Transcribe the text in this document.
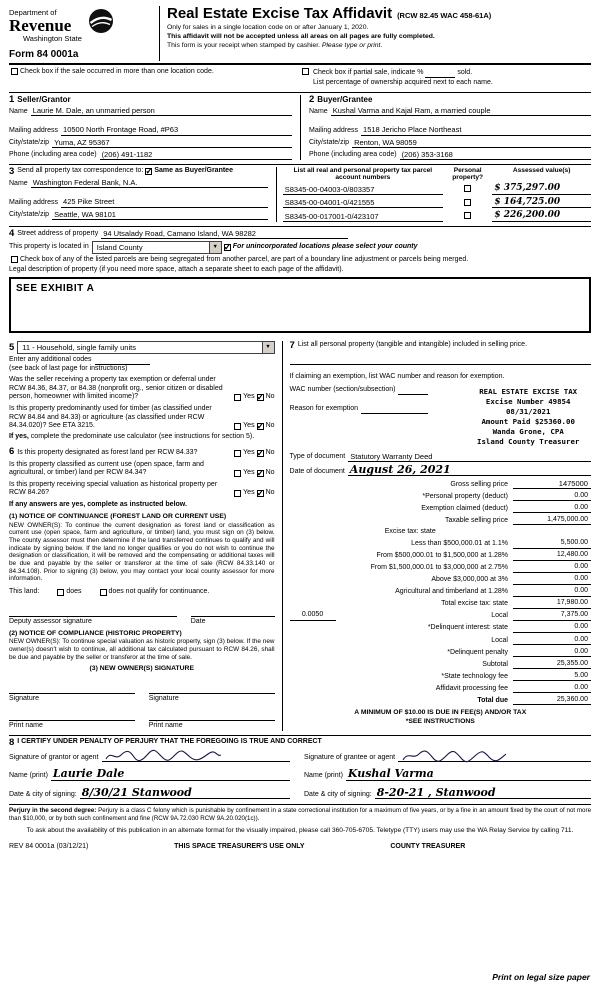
Department of
Revenue
Washington State
Form 84 0001a
Real Estate Excise Tax Affidavit (RCW 82.45 WAC 458-61A)
Only for sales in a single location code on or after January 1, 2020.
This affidavit will not be accepted unless all areas on all pages are fully completed.
This form is your receipt when stamped by cashier. Please type or print.
Check box if the sale occurred in more than one location code.	Check box if partial sale, indicate %	sold.
List percentage of ownership acquired next to each name.
1 Seller/Grantor
Name Laurie M. Dale, an unmarried person
Mailing address 10500 North Frontage Road, #P63
City/state/zip Yuma, AZ 95367
Phone (including area code) (206) 491-1182
2 Buyer/Grantee
Name Kushal Varma and Kajal Ram, a married couple
Mailing address 1518 Jericho Place Northeast
City/state/zip Renton, WA 98059
Phone (including area code) (206) 353-3168
3 Send all property tax correspondence to: ✓ Same as Buyer/Grantee
Name Washington Federal Bank, N.A.
Mailing address 425 Pike Street
City/state/zip Seattle, WA 98101
List all real and personal property tax parcel account numbers
Personal property?
Assessed value(s)
S8345-00-04003-0/803357	$ 375,297.00
S8345-00-04001-0/421555	$ 164,725.00
S8345-00-017001-0/423107	$ 226,200.00
4 Street address of property 94 Utsalady Road, Camano Island, WA 98282
This property is located in	Island County ▼ ✓	For unincorporated locations please select your county
Check box of any of the listed parcels are being segregated from another parcel, are part of a boundary line adjustment or parcels being merged.
Legal description of property (if you need more space, attach a separate sheet to each page of the affidavit).
SEE EXHIBIT A
5	11 - Household, single family units
▼
Enter any additional codes
(see back of last page for instructions)
Was the seller receiving a property tax exemption or deferral under RCW 84.36, 84.37, or 84.38 (nonprofit org., senior citizen or disabled person, homeowner with limited income)?	Yes ✓ No
Is this property predominantly used for timber (as classified under RCW 84.84 and 84.33) or agriculture (as classified under RCW 84.34.020)? See ETA 3215.	Yes ✓ No
If yes, complete the predominate use calculator (see instructions for section 5).
6 Is this property designated as forest land per RCW 84.33?	Yes ✓ No
Is this property classified as current use (open space, farm and agricultural, or timber) land per RCW 84.34?	Yes ✓ No
Is this property receiving special valuation as historical property per RCW 84.26?	Yes ✓ No
If any answers are yes, complete as instructed below.
(1) NOTICE OF CONTINUANCE (FOREST LAND OR CURRENT USE)
NEW OWNER(S): To continue the current designation as forest land or classification as current use (open space, farm and agriculture, or timber) land, you must sign on (3) below. The county assessor must then determine if the land transferred continues to qualify and will indicate by signing below. If the land no longer qualifies or you do not wish to continue the designation or classification, it will be removed and the compensating or additional taxes will be due and payable by the seller or transferor at the time of sale (RCW 84.33.140 or 84.34.108). Prior to signing (3) below, you may contact your local county assessor for more information.
This land:	does	does not qualify for continuance.
Deputy assessor signature	Date
(2) NOTICE OF COMPLIANCE (HISTORIC PROPERTY)
NEW OWNER(S): To continue special valuation as historic property, sign (3) below. If the new owner(s) doesn't wish to continue, all additional tax calculated pursuant to RCW 84.26, shall be due and payable by the seller or transferor at the time of sale.
(3) NEW OWNER(S) SIGNATURE
Signature	Signature
Print name	Print name
7 List all personal property (tangible and intangible) included in selling price.
If claiming an exemption, list WAC number and reason for exemption.
WAC number (section/subsection)
Reason for exemption
REAL ESTATE EXCISE TAX
Excise Number 49854
08/31/2021
Amount Paid $25360.00
Wanda Grone, CPA
Island County Treasurer
Type of document Statutory Warranty Deed
Date of document August 26, 2021
Gross selling price	1475000
*Personal property (deduct)	0.00
Exemption claimed (deduct)	0.00
Taxable selling price	1,475,000.00
Excise tax: state
Less than $500,000.01 at 1.1%	5,500.00
From $500,000.01 to $1,500,000 at 1.28%	12,480.00
From $1,500,000.01 to $3,000,000 at 2.75%	0.00
Above $3,000,000 at 3%	0.00
Agricultural and timberland at 1.28%	0.00
Total excise tax: state	17,980.00
0.0050	Local	7,375.00
*Delinquent interest: state	0.00
Local	0.00
*Delinquent penalty	0.00
Subtotal	25,355.00
*State technology fee	5.00
Affidavit processing fee	0.00
Total due	25,360.00
A MINIMUM OF $10.00 IS DUE IN FEE(S) AND/OR TAX
*SEE INSTRUCTIONS
8 I CERTIFY UNDER PENALTY OF PERJURY THAT THE FOREGOING IS TRUE AND CORRECT
Signature of grantor or agent
Name (print) Laurie Dale
Date & city of signing: 8/30/21 Stanwood
Signature of grantee or agent
Name (print) Kushal Varma
Date & city of signing: 8-20-21 , Stanwood
Perjury in the second degree: Perjury is a class C felony which is punishable by confinement in a state correctional institution for a maximum of five years, or by a fine in an amount fixed by the court of not more than $10,000, or by both such confinement and fine (RCW 9A.72.030 RCW 9A.20.020(1c)).
To ask about the availability of this publication in an alternate format for the visually impaired, please call 360-705-6705. Teletype (TTY) users may use the WA Relay Service by calling 711.
REV 84 0001a (03/12/21)	THIS SPACE TREASURER'S USE ONLY	COUNTY TREASURER
Print on legal size paper
